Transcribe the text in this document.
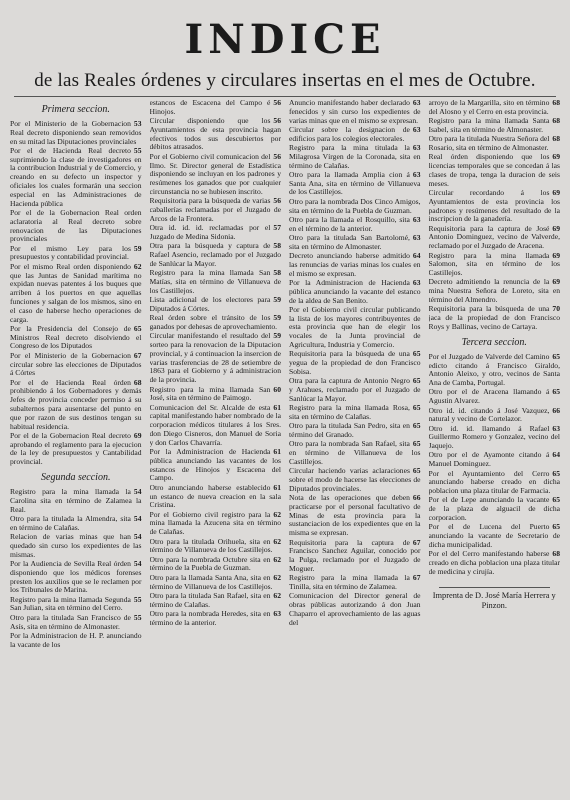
INDICE
de las Reales órdenes y circulares insertas en el mes de Octubre.
Primera seccion.
53
Por el Ministerio de la Gobernacion Real decreto disponiendo sean removidos en su mitad las Diputaciones provinciales
55
Por el de Hacienda Real decreto suprimiendo la clase de investigadores en la contribucion Industrial y de Comercio, y creando en su defecto un inspector y oficiales los cuales formarán una seccion especial en las Administraciones de Hacienda pública
Por el de la Gobernacion Real orden aclaratoria al Real decreto sobre renovacion de las Diputaciones provinciales
59
Por el mismo Ley para los presupuestos y contabilidad provincial.
62
Por el mismo Real orden disponiendo que las Juntas de Sanidad marítima no expidan nuevas patentes á los buques que arriben á los puertos en que aquellas funciones y salgan de los mismos, sino en el caso de haberse hecho operaciones de carga.
65
Por la Presidencia del Consejo de Ministros Real decreto disolviendo el Congreso de los Diputados
67
Por el Ministerio de la Gobernacion circular sobre las elecciones de Diputados á Córtes
68
Por el de Hacienda Real órden prohibiendo á los Gobernadores y demás Jefes de provincia conceder permiso á su subalternos para ausentarse del punto en que por razon de sus destinos tengan su habitual residencia.
69
Por el de la Gobernacion Real decreto aprobando el reglamento para la ejecucion de la ley de presupuestos y Cantabilidad provincial.
Segunda seccion.
54
Registro para la mina llamada la Carolina sita en término de Zalamea la Real.
54
Otro para la titulada la Almendra, sita en término de Calañas.
54
Relacion de varias minas que han quedado sin curso los expedientes de las mismas.
54
Por la Audiencia de Sevilla Real órden disponiendo que los médicos forenses presten los auxilios que se le reclamen por los Tribunales de Marina.
55
Registro para la mina llamada Segunda San Julian, sita en término del Cerro.
55
Otro para la titulada San Francisco de Asís, sita en término de Almonaster.
Por la Administracion de H. P. anunciando la vacante de los
56
estancos de Escacena del Campo é Hinojos.
56
Circular disponiendo que los Ayuntamientos de esta provincia hagan efectivos todos sus descubiertos por débitos atrasados.
56
Por el Gobierno civil comunicacion del Ilmo. Sr. Director general de Estadística disponiendo se incluyan en los padrones y resúmenes los ganados que por cualquier circunstancia no se hubiesen inscrito.
56
Requisitoria para la búsqueda de varias caballerías reclamadas por el Juzgado de Arcos de la Frontera.
57
Otra id. id. id. reclamadas por el Juzgado de Medina Sidonia.
58
Otra para la búsqueda y captura de Rafael Asencio, reclamado por el Juzgado de Sanlúcar la Mayor.
58
Registro para la mina llamada San Matías, sita en término de Villanueva de los Castillejos.
59
Lista adicional de los electores para Diputados á Córtes.
59
Real órden sobre el tránsito de los ganados por dehesas de aprovechamiento.
59
Circular manifestando el resultado del sorteo para la renovacion de la Diputacion provincial, y á continuacion la insercion de varias trasferencias de 28 de setiembre de 1863 para el Gobierno y á administracion de la provincia.
60
Registro para la mina llamada San José, sita en término de Paimogo.
61
Comunicacion del Sr. Alcalde de esta capital manifestando haber nombrado de la corporacion médicos titulares á los Sres. don Diego Cisneros, don Manuel de Soria y don Carlos Chavarría.
61
Por la Administracion de Hacienda pública anunciando las vacantes de los estancos de Hinojos y Escacena del Campo.
61
Otro anunciando haberse establecido un estanco de nueva creacion en la sala Cristina.
62
Por el Gobierno civil registro para la mina llamada la Azucena sita en término de Calañas.
62
Otro para la titulada Orihuela, sita en término de Villanueva de los Castillejos.
62
Otro para la nombrada Octubre sita en término de la Puebla de Guzman.
62
Otro para la llamada Santa Ana, sita en término de Villanueva de los Castillejos.
62
Otro para la titulada San Rafael, sita en término de Calañas.
63
Otro para la nombrada Heredes, sita en término de la anterior.
63
Anuncio manifestando haber declarado fenecidos y sin curso los expedientes de varias minas que en el mismo se expresan.
63
Circular sobre la designacion de edificios para los colegios electorales.
63
Registro para la mina titulada la Milagrosa Vírgen de la Coronada, sita en término de Calañas.
63
Otro para la llamada Amplia cion á Santa Ana, sita en término de Villanueva de los Castillejos.
Otro para la nombrada Dos Cinco Amigos, sita en término de la Puebla de Guzman.
63
Otro para la llamada el Rosquillo, sita en el término de la anterior.
63
Otro para la titulada San Bartolomé, sita en término de Almonaster.
64
Decreto anunciando haberse admitido las renuncias de varias minas los cuales en el mismo se expresan.
63
Por la Administracion de Hacienda pública anunciando la vacante del estanco de la aldea de San Benito.
Por el Gobierno civil circular publicando la lista de los mayores contribuyentes de esta provincia que han de elegir los vocales de la Junta provincial de Agricultura, Industria y Comercio.
65
Requisitoria para la búsqueda de una yegua de la propiedad de don Francisco Sobisa.
65
Otra para la captura de Antonio Negro y Arahues, reclamado por el Juzgado de Sanlúcar la Mayor.
65
Registro para la mina llamada Rosa, sita en término de Calañas.
65
Otro para la titulada San Pedro, sita en término del Granado.
65
Otro para la nombrada San Rafael, sita en término de Villanueva de los Castillejos.
65
Circular haciendo varias aclaraciones sobre el modo de hacerse las elecciones de Diputados provinciales.
66
Nota de las operaciones que deben practicarse por el personal facultativo de Minas de esta provincia para la sustanciacion de los expedientes que en la misma se expresan.
67
Requisitoria para la captura de Francisco Sanchez Aguilar, conocido por la Pulga, reclamado por el Juzgado de Moguer.
67
Registro para la mina llamada la Tinilla, sita en término de Zalamea.
Comunicacion del Director general de obras públicas autorizando á don Juan Chaparro el aprovechamiento de las aguas del
68
arroyo de la Margarilla, sito en término del Alosno y el Cerro en esta provincia.
68
Registro para la mina llamada Santa Isabel, sita en término de Almonaster.
68
Otro para la titulada Nuestra Señora del Rosario, sita en término de Almonaster.
69
Real órden disponiendo que los licencias temporales que se concedan á las clases de tropa, tenga la duracion de seis meses.
69
Circular recordando á los Ayuntamientos de esta provincia los padrones y resúmenes del resultado de la inscripcion de la ganadería.
69
Requisitoria para la captura de José Antonio Dominguez, vecino de Valverde, reclamado por el Juzgado de Aracena.
69
Registro para la mina llamada Salomon, sita en término de los Castillejos.
69
Decreto admitiendo la renuncia de la mina Nuestra Señora de Loreto, sita en término del Almendro.
70
Requisitoria para la búsqueda de una jaca de la propiedad de don Francisco Roys y Ballinas, vecino de Cartaya.
Tercera seccion.
65
Por el Juzgado de Valverde del Camino edicto citando á Francisco Giraldo, Antonio Aleixo, y otro, vecinos de Santa Ana de Camba, Portugal.
65
Otro por el de Aracena llamando á Agustin Alvarez.
66
Otro id. id. citando á José Vazquez, natural y vecino de Cortelazor.
63
Otro id. id. llamando á Rafael Guillermo Romero y Gonzalez, vecino del Jaquejo.
64
Otro por el de Ayamonte citando á Manuel Dominguez.
65
Por el Ayuntamiento del Cerro anunciando haberse creado en dicha poblacion una plaza titular de Farmacia.
65
Por el de Lepe anunciando la vacante de la plaza de alguacil de dicha corporacion.
65
Por el de Lucena del Puerto anunciando la vacante de Secretario de dicha municipalidad.
68
Por el del Cerro manifestando haberse creado en dicha poblacion una plaza titular de medicina y cirujía.
Imprenta de D. José María Herrera y Pinzon.
